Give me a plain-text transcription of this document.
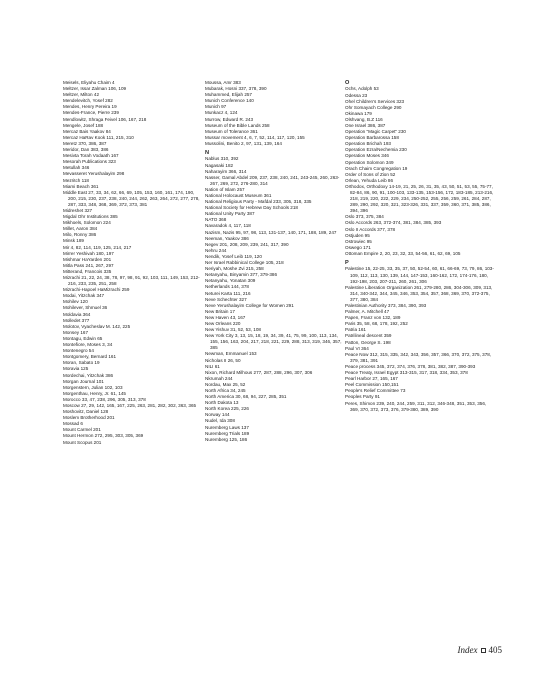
Meisels, Eliyahu Chaim 4
Meltzer, Issar Zalman 106, 109
Meltzer, Milton 42
Mendelevitch, Yosef 282
Mendes, Henry Pereira 19
Mendes-France, Pierre 239
Mendlowitz, Shraga Feivel 106, 167, 218
Mengele, Josef 188
Mercaz Bais Yaakov 84
Mercaz HaRav Kook 111, 215, 310
Meretz 370, 386, 387
Meridor, Dan 383, 386
Mesivta Torah Vodaath 167
Mesorah Publications 323
Metullah 346
Mevasseret Yerushalayim 298
Mezritch 118
Miami Beach 361
Middle East 27, 33, 34, 62, 66, 69, 105, 153, 160, 161, 174, 190, 200, 215, 230, 237, 238, 240, 244, 262, 263, 264, 272, 277, 278, 287, 333, 348, 368, 369, 372, 373, 381
Midreshet 327
Migdal Ohr Institutions 385
Mikhoels, Solomon 224
Millet, Aaron 384
Milo, Ronny 386
Minsk 189
Mir 4, 82, 114, 119, 125, 214, 217
Mirrer Yeshivah 180, 197
Mishmar HaYarden 201
Mitla Pass 241, 267, 297
Mitterand, Francois 335
Mizrachi 21, 22, 24, 38, 78, 97, 98, 91, 92, 103, 111, 149, 153, 212-216, 233, 235, 251, 258
Mizrachi-Hapoel HaMizrachi 259
Modai, Yitzchak 347
Mohilev 120
Mohilever, Shmuel 36
Moldavia 364
Molledet 377
Molotov, Vyacheslav M. 142, 225
Monsey 167
Montagu, Edwin 65
Montefiore, Moses 3, 34
Montenegro 54
Montgomery, Bernard 161
Moran, Sabato 19
Moravia 125
Mordechai, Yitzchak 386
Morgan Journal 101
Morgenstern, Julian 102, 103
Morgenthau, Henry, Jr. 61, 145
Morocco 33, 47, 238, 296, 305, 313, 378
Moscow 27, 29, 142, 165, 167, 225, 263, 281, 282, 302, 363, 365
Moshovitz, Daniel 128
Moslem Brotherhood 201
Mossad 6
Mount Carmel 201
Mount Hermon 272, 295, 303, 305, 369
Mount Scopus 201
Moussa, Amr 383
Mubarak, Hosni 337, 378, 390
Muhammed, Elijah 257
Munich Conference 140
Munich 97
Munkacz 4, 124
Murrow, Edward R. 243
Museum of the Bible Lands 258
Museum of Tolerance 361
Mussar movement 4, 6, 7, 52, 114, 117, 120, 155
Mussolini, Benito 2, 97, 131, 139, 164
N
Nablus 310, 392
Nagasaki 182
Naharayim 366, 314
Nasser, Gamal Abdel 209, 237, 238, 240, 241, 243-245, 260, 263-267, 269, 272, 276-280, 314
Nation of Islam 257
National Holocaust Museum 361
National Religious Party - Mafdal 233, 305, 318, 335
National Society for Hebrew Day Schools 218
National Unity Party 387
NATO 368
Navaradok 4, 117, 118
Nazism, Nazis 95, 97, 98, 113, 131-137, 140, 171, 188, 189, 247
Neeman, Yaakov 386
Negev 201, 208, 209, 239, 241, 317, 390
Nehru 244
Nendik, Yosef Leib 119, 120
Ner Israel Rabbinical College 105, 218
Neriyah, Moshe Zvi 215, 258
Netanyahu, Binyamin 377, 379-386
Netanyahu, Yonatan 309
Netherlands 144, 378
Neturei Karta 111, 216
Neve Schechter 327
Neve Yerushalayim College for Women 291
New Britain 17
New Haven 43, 167
New Orleans 220
New Yishuv 31, 52, 53, 108
New York City 3, 13, 15, 18, 19, 34, 39, 41, 75, 99, 100, 113, 134, 155, 156, 163, 204, 217, 218, 221, 229, 288, 313, 319, 346, 357, 385
Newman, Emmanuel 153
Nicholas II 26, 50
NILI 61
Nixon, Richard Milhous 277, 287, 288, 296, 307, 306
Nkrumah 244
Nordau, Max 25, 52
North Africa 34, 245
North America 30, 68, 94, 227, 285, 351
North Dakota 13
North Korea 225, 226
Norway 144
Nudel, Ida 308
Nuremberg Laws 137
Nuremberg Trials 189
Nuremberg 125, 186
O
Ochs, Adolph 53
Odessa 23
Ohel Children's Services 323
Ohr Somayach College 290
Okinawa 179
Olshvang, B.Z 116
One Israel 386, 387
Operation "Magic Carpet" 230
Operation Barbarossa 158
Operation Brichah 193
Operation Ezra/Nechemia 230
Operation Moses 346
Operation Solomon 349
Orach Chaim Congregation 19
Order of Sons of Zion 52
Orlean, Yehuda Leib 86
Orthodox, Orthodoxy 14-19, 21, 25, 26, 31, 35, 43, 50, 51, 53, 55, 75-77, 82-84, 86, 90, 91, 100-103, 133-135, 153-156, 172, 183-185, 213-216, 218, 219, 220, 222, 229, 234, 250-252, 255, 256, 259, 261, 284, 287, 289, 290, 292, 320, 321, 323-326, 331, 337, 359, 360, 371, 385, 386, 394, 396
Oslo 373, 375, 384
Oslo Accords 263, 372-374, 381, 384, 385, 393
Oslo II Accords 377, 378
Ostjuden 95
Ostrowiec 95
Oswego 171
Ottoman Empire 2, 20, 23, 32, 33, 54-56, 61, 62, 69, 105
P
Palestine 15, 22-25, 33, 35, 37, 50, 52-54, 60, 61, 66-69, 73, 79, 86, 103-109, 112, 113, 130, 139, 144, 147-153, 160-162, 172, 174-176, 180, 192-198, 203, 207-211, 260, 261, 306
Palestine Liberation Organization 261, 279-280, 286, 304-306, 309, 313, 314, 340-342, 344, 345, 346, 353, 354, 357, 368, 369, 370, 372-375, 377, 380, 384
Palestinian Authority 373, 384, 390, 393
Palmer, A. Mitchell 47
Papen, Franz von 132, 189
Paris 35, 58, 68, 178, 192, 252
Patria 161
Patrilineal descent 359
Patton, George S. 198
Paul VI 364
Peace Now 312, 315, 335, 342, 343, 356, 357, 366, 370, 372, 375, 378, 379, 381, 391
Peace process 345, 372, 374, 376, 378, 381, 382, 387, 390-393
Peace Treaty, Israel Egypt 313-315, 317, 318, 334, 353, 378
Pearl Harbor 27, 165, 167
Peel Commission 150,151
People's Relief Committee 73
Peoples Party 91
Peres, Shimon 239, 240, 244, 259, 311, 312, 346-348, 351, 353, 356, 369, 370, 372, 373, 376, 379-380, 389, 390
Index 405
